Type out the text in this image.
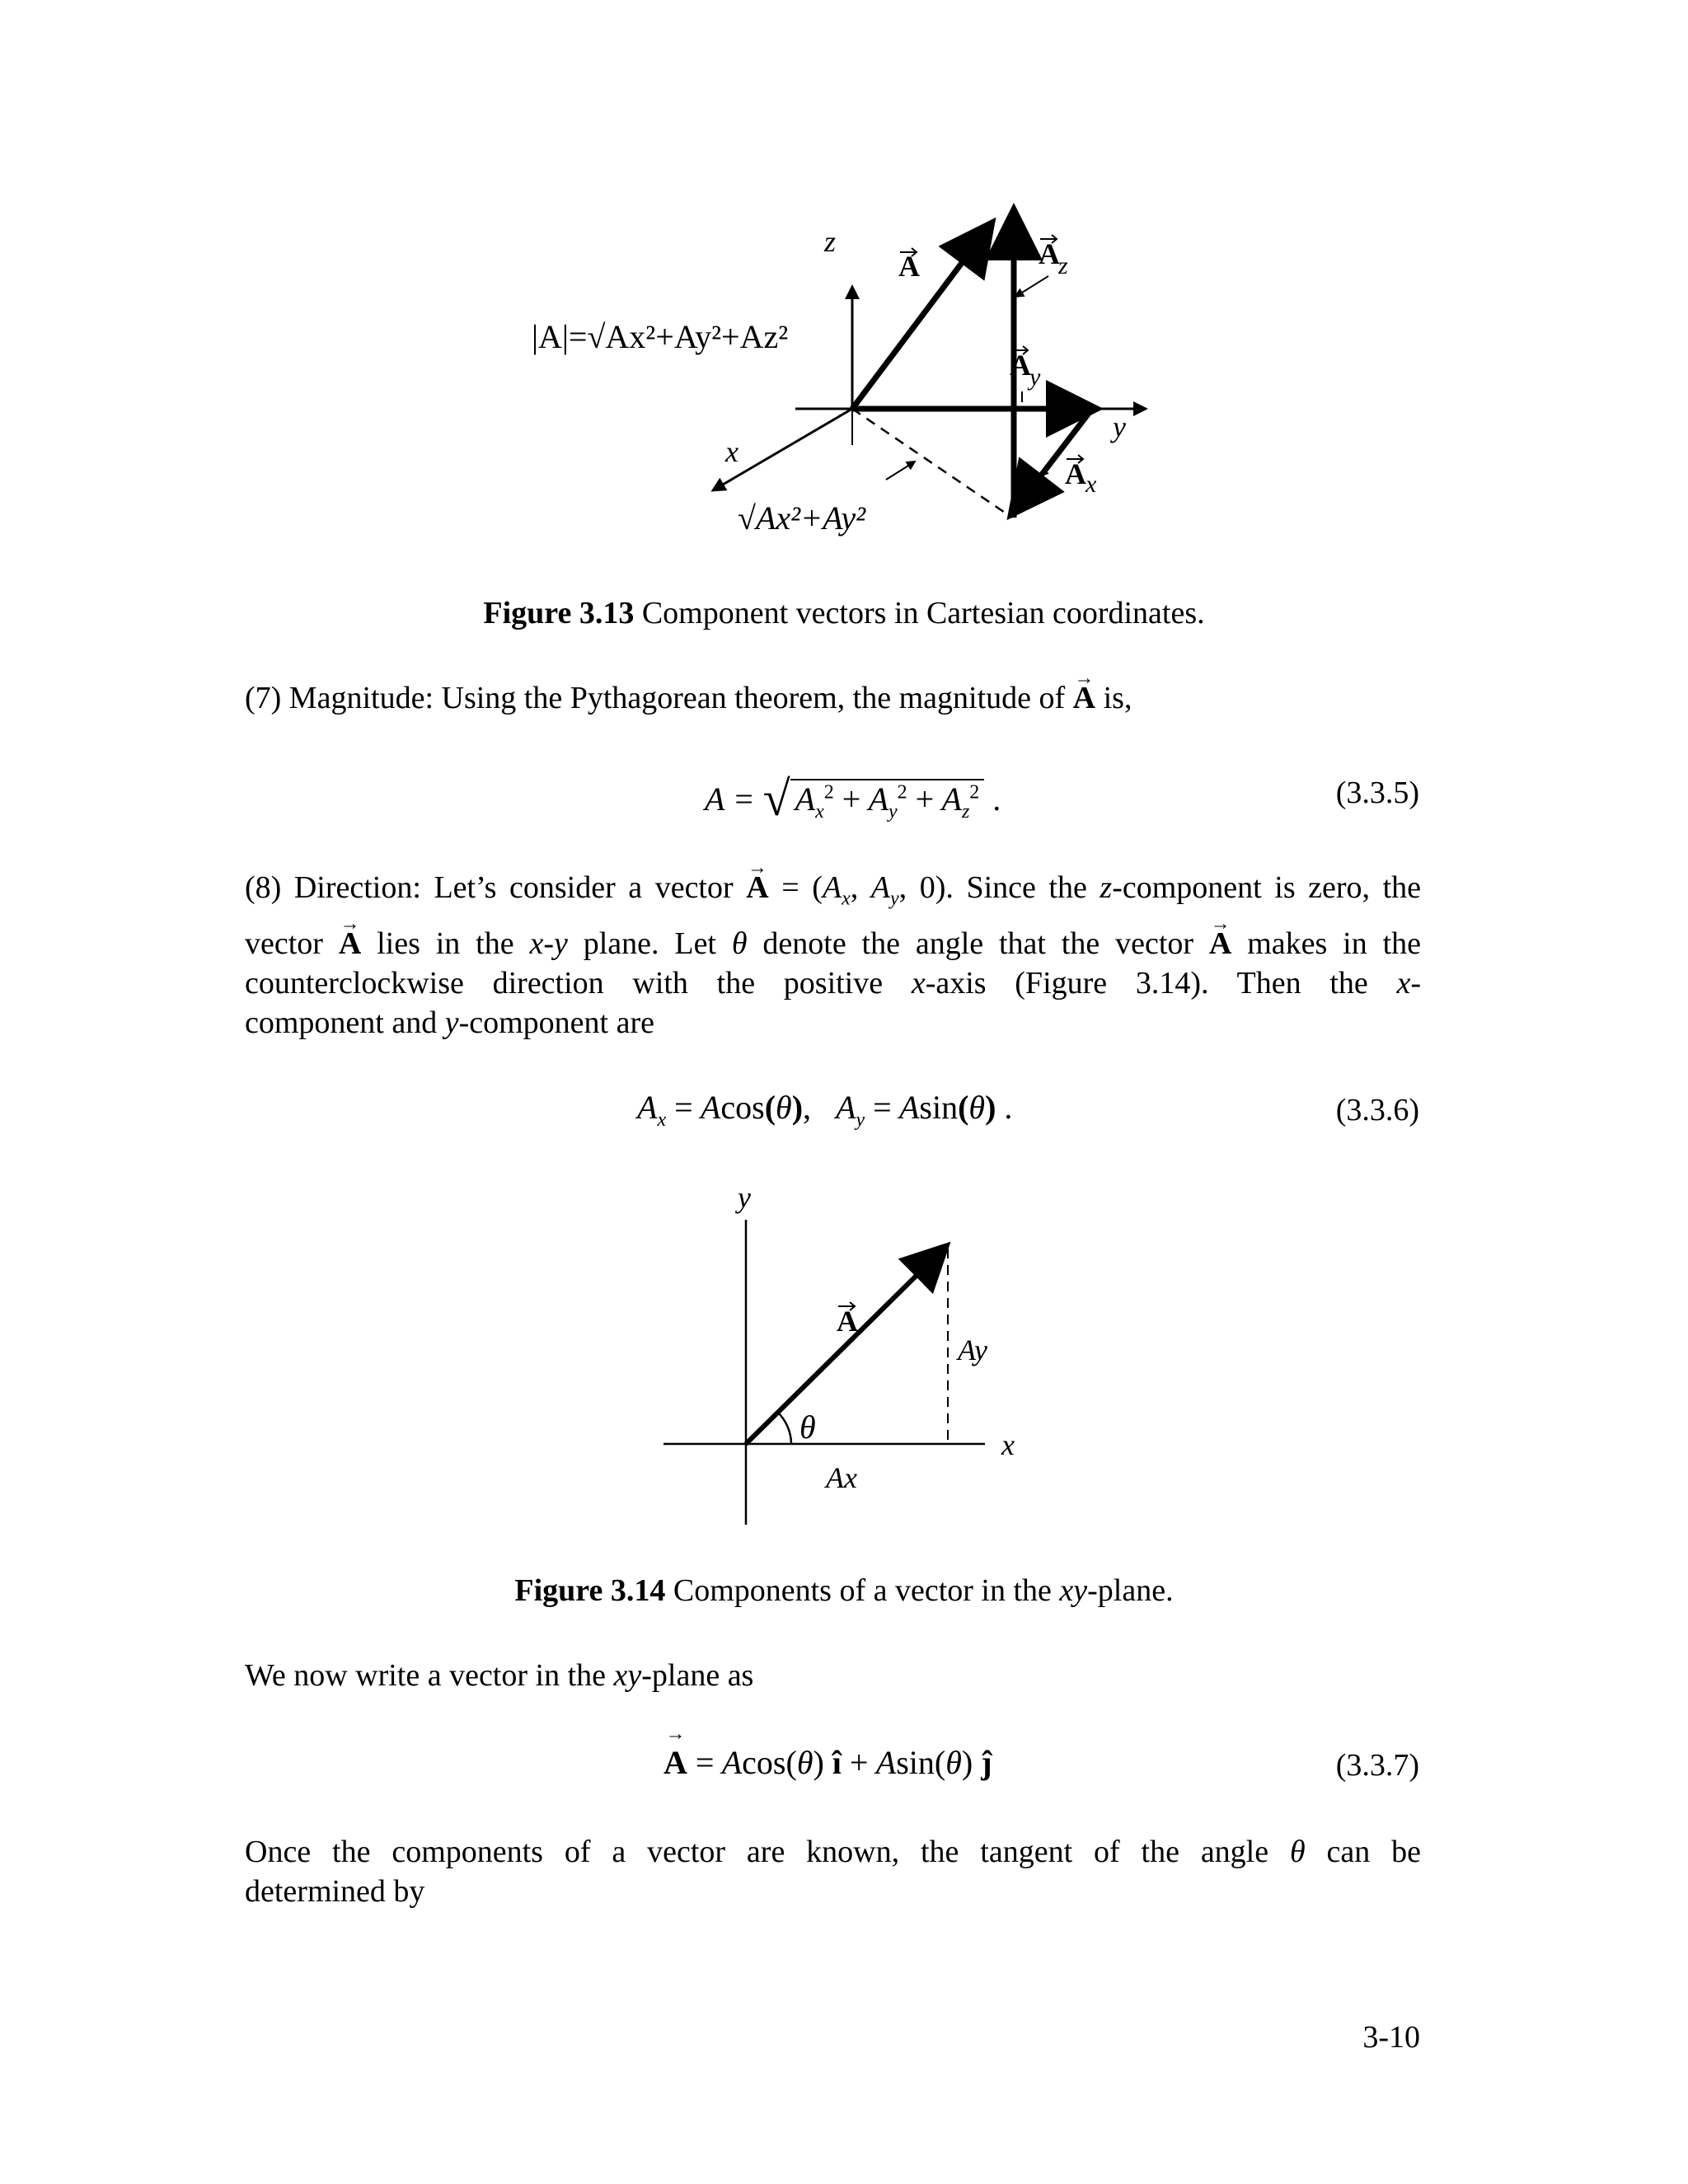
z
x
y
A	A
z
A
y
A x
|A|=√Ax²+Ay²+Az²
√Ax²+Ay²
Figure 3.13 Component vectors in Cartesian coordinates.
(7) Magnitude: Using the Pythagorean theorem, the magnitude of → A is,
A = √ $A_x^2 + A_y^2 + A_z^2$ .	(3.3.5)
(8) Direction: Let’s consider a vector → $A = (A_x$, $A_y$, 0). Since the z-component is zero, the
vector → A lies in the x-y plane. Let θ denote the angle that the vector → A makes in the
counterclockwise direction with the positive x-axis (Figure 3.14). Then the x-
component and y-component are
$A_x = Acos(\theta)$,   $A_y = Asin(\theta)$ .	(3.3.6)
y
x
A
θ
Ax
Ay
Figure 3.14 Components of a vector in the xy-plane.
We now write a vector in the xy-plane as
→ A = Acos(θ) î + Asin(θ) ĵ	(3.3.7)
Once the components of a vector are known, the tangent of the angle θ can be
determined by
3-10
